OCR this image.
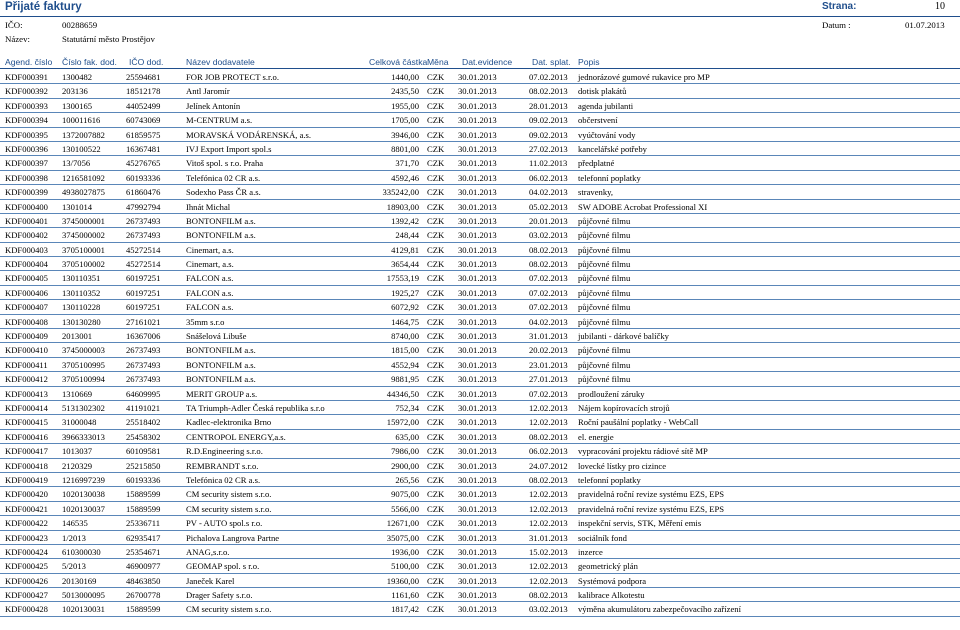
Přijaté faktury	Strana:	10
IČO:	00288659
Název:	Statutární město Prostějov
Datum :	01.07.2013
Agend. číslo Číslo fak. dod. IČO dod.	Název dodavatele	Celková částka Měna Dat.evidence Dat. splat. Popis
KDF000391 1300482	25594681	FOR JOB PROTECT s.r.o.	1440,00 CZK 30.01.2013	07.02.2013 jednorázové gumové rukavice pro MP
KDF000392 203136	18512178	Antl Jaromír	2435,50 CZK 30.01.2013	08.02.2013 dotisk plakátů
KDF000393 1300165	44052499	Jelínek Antonín	1955,00 CZK 30.01.2013	28.01.2013 agenda jubilanti
KDF000394 100011616	60743069	M-CENTRUM a.s.	1705,00 CZK 30.01.2013	09.02.2013 občerstvení
KDF000395 1372007882 61859575	MORAVSKÁ VODÁRENSKÁ, a.s.	3946,00 CZK 30.01.2013	09.02.2013 vyúčtování vody
KDF000396 130100522	16367481	IVJ Export Import spol.s	8801,00 CZK 30.01.2013	27.02.2013 kancelářské potřeby
KDF000397 13/7056	45276765	Vitoš spol. s r.o. Praha	371,70 CZK 30.01.2013	11.02.2013 předplatné
KDF000398 1216581092 60193336	Telefónica 02 CR a.s.	4592,46 CZK 30.01.2013	06.02.2013 telefonní poplatky
KDF000399 4938027875 61860476	Sodexho Pass ČR a.s.	335242,00 CZK 30.01.2013	04.02.2013 stravenky,
KDF000400 1301014	47992794	Ihnát Michal	18903,00 CZK 30.01.2013	05.02.2013 SW ADOBE Acrobat Professional XI
KDF000401 3745000001 26737493	BONTONFILM a.s.	1392,42 CZK 30.01.2013	20.01.2013 půjčovné filmu
KDF000402 3745000002 26737493	BONTONFILM a.s.	248,44 CZK 30.01.2013	03.02.2013 půjčovné filmu
KDF000403 3705100001 45272514	Cinemart, a.s.	4129,81 CZK 30.01.2013	08.02.2013 půjčovné filmu
KDF000404 3705100002 45272514	Cinemart, a.s.	3654,44 CZK 30.01.2013	08.02.2013 půjčovné filmu
KDF000405 130110351	60197251	FALCON a.s.	17553,19 CZK 30.01.2013	07.02.2013 půjčovné filmu
KDF000406 130110352	60197251	FALCON a.s.	1925,27 CZK 30.01.2013	07.02.2013 půjčovné filmu
KDF000407 130110228	60197251	FALCON a.s.	6072,92 CZK 30.01.2013	07.02.2013 půjčovné filmu
KDF000408 130130280	27161021	35mm s.r.o	1464,75 CZK 30.01.2013	04.02.2013 půjčovné filmu
KDF000409 2013001	16367006	Snášelová Libuše	8740,00 CZK 30.01.2013	31.01.2013 jubilanti - dárkové balíčky
KDF000410 3745000003 26737493	BONTONFILM a.s.	1815,00 CZK 30.01.2013	20.02.2013 půjčovné filmu
KDF000411 3705100995 26737493	BONTONFILM a.s.	4552,94 CZK 30.01.2013	23.01.2013 půjčovné filmu
KDF000412 3705100994 26737493	BONTONFILM a.s.	9881,95 CZK 30.01.2013	27.01.2013 půjčovné filmu
KDF000413 1310669	64609995	MERIT GROUP a.s.	44346,50 CZK 30.01.2013	07.02.2013 prodloužení záruky
KDF000414 5131302302 41191021	TA Triumph-Adler Česká republika s.r.o	752,34 CZK 30.01.2013	12.02.2013 Nájem kopírovacích strojů
KDF000415 31000048	25518402	Kadlec-elektronika Brno	15972,00 CZK 30.01.2013	12.02.2013 Roční paušální poplatky - WebCall
KDF000416 3966333013 25458302	CENTROPOL ENERGY,a.s.	635,00 CZK 30.01.2013	08.02.2013 el. energie
KDF000417 1013037	60109581	R.D.Engineering s.r.o.	7986,00 CZK 30.01.2013	06.02.2013 vypracování projektu rádiové sítě MP
KDF000418 2120329	25215850	REMBRANDT s.r.o.	2900,00 CZK 30.01.2013	24.07.2012 lovecké lístky pro cizince
KDF000419 1216997239 60193336	Telefónica 02 CR a.s.	265,56 CZK 30.01.2013	08.02.2013 telefonní poplatky
KDF000420 1020130038 15889599	CM security sistem s.r.o.	9075,00 CZK 30.01.2013	12.02.2013 pravidelná roční revize systému EZS, EPS
KDF000421 1020130037 15889599	CM security sistem s.r.o.	5566,00 CZK 30.01.2013	12.02.2013 pravidelná roční revize systému EZS, EPS
KDF000422 146535	25336711	PV - AUTO spol.s r.o.	12671,00 CZK 30.01.2013	12.02.2013 inspekční servis, STK, Měření emis
KDF000423 1/2013	62935417	Pichalova Langrova Partne	35075,00 CZK 30.01.2013	31.01.2013 sociálník fond
KDF000424 610300030	25354671	ANAG,s.r.o.	1936,00 CZK 30.01.2013	15.02.2013 inzerce
KDF000425 5/2013	46900977	GEOMAP spol. s r.o.	5100,00 CZK 30.01.2013	12.02.2013 geometrický plán
KDF000426 20130169	48463850	Janeček Karel	19360,00 CZK 30.01.2013	12.02.2013 Systémová podpora
KDF000427 5013000095 26700778	Drager Safety s.r.o.	1161,60 CZK 30.01.2013	08.02.2013 kalibrace Alkotestu
KDF000428 1020130031 15889599	CM security sistem s.r.o.	1817,42 CZK 30.01.2013	03.02.2013 výměna akumulátoru zabezpečovacího zařízení
